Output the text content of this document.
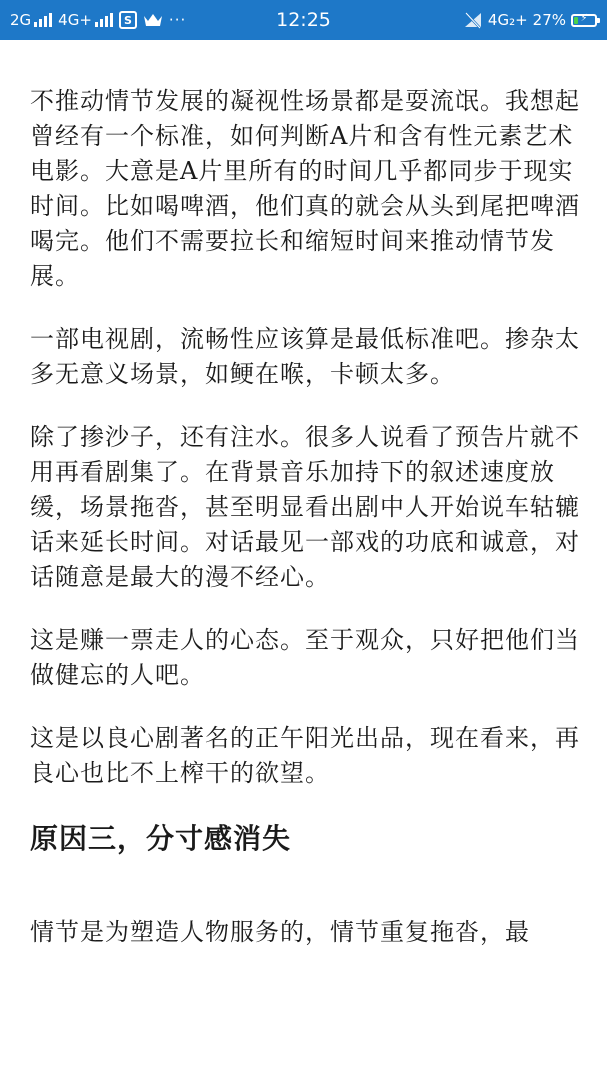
2G 4G+	S	···	12:25	4G₂+ 27%	⚡

不推动情节发展的凝视性场景都是耍流氓。我想起曾经有一个标准，如何判断A片和含有性元素艺术电影。大意是A片里所有的时间几乎都同步于现实时间。比如喝啤酒，他们真的就会从头到尾把啤酒喝完。他们不需要拉长和缩短时间来推动情节发展。

一部电视剧，流畅性应该算是最低标准吧。掺杂太多无意义场景，如鲠在喉，卡顿太多。

除了掺沙子，还有注水。很多人说看了预告片就不用再看剧集了。在背景音乐加持下的叙述速度放缓，场景拖沓，甚至明显看出剧中人开始说车轱辘话来延长时间。对话最见一部戏的功底和诚意，对话随意是最大的漫不经心。

这是赚一票走人的心态。至于观众，只好把他们当做健忘的人吧。

这是以良心剧著名的正午阳光出品，现在看来，再良心也比不上榨干的欲望。

原因三，分寸感消失

情节是为塑造人物服务的，情节重复拖沓，最
